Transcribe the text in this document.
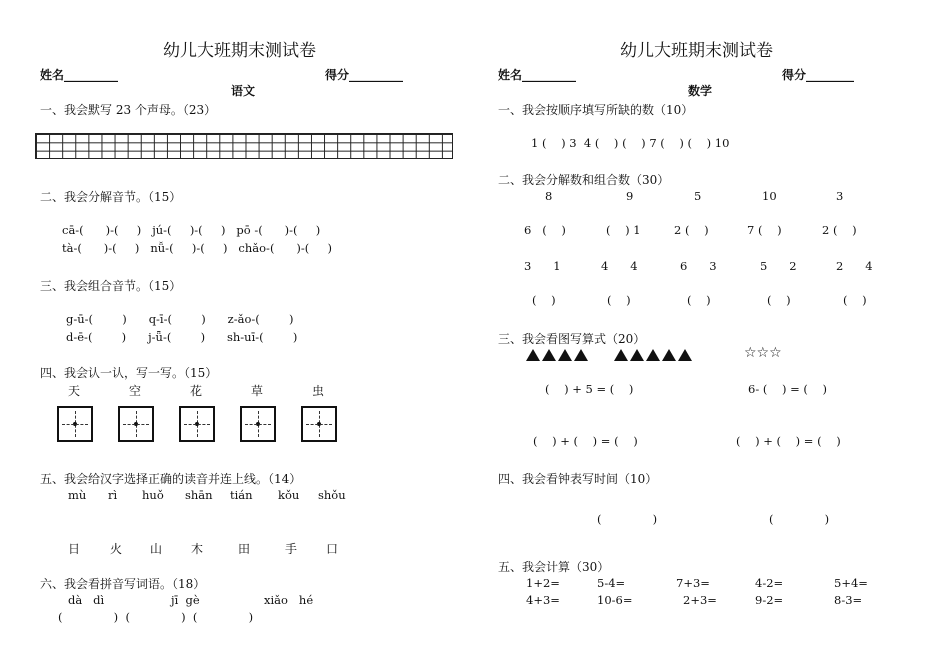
幼儿大班期末测试卷
姓名_________	得分_________
语文
一、我会默写 23 个声母。（23）
二、我会分解音节。（15）
cā-(      )-(     )   jú-(     )-(     )   pō -(      )-(     )
tà-(      )-(     )   nǚ-(     )-(     )   chǎo-(      )-(     )
三、我会组合音节。（15）
g-ū-(        )      q-ī-(        )      z-ǎo-(        )
d-ē-(        )      j-ǖ-(        )      sh-uī-(        )
四、我会认一认，写一写。（15）
天	空	花	草	虫
五、我会给汉字选择正确的读音并连上线。（14）
mù rì huǒ shān tián kǒu shǒu
日 火 山 木	田	手 口
六、我会看拼音写词语。（18）
dà   dì	jī  gè	xiǎo   hé
(              )  (              )  (              )
幼儿大班期末测试卷
姓名_________	得分________
数学
一、我会按顺序填写所缺的数（10）
1 (    ) 3  4 (    ) (    ) 7 (    ) (    ) 10
二、我会分解数和组合数（30）
8	9	5	10	3
6   (    )	(    ) 1	2 (    )	7 (    )	2 (    )
3      1	4      4	6      3	5      2	2      4
(    )	(    )	(    )	(    )	(    )
三、我会看图写算式（20）
☆☆☆
(    ) + 5 = (    )	6- (    ) = (    )
(    ) + (    ) = (    )	(    ) + (    ) = (    )
四、我会看钟表写时间（10）
(              )	(              )
五、我会计算（30）
1+2=	5-4=	7+3=	4-2=	5+4=
4+3=	10-6=	2+3=	9-2=	8-3=
